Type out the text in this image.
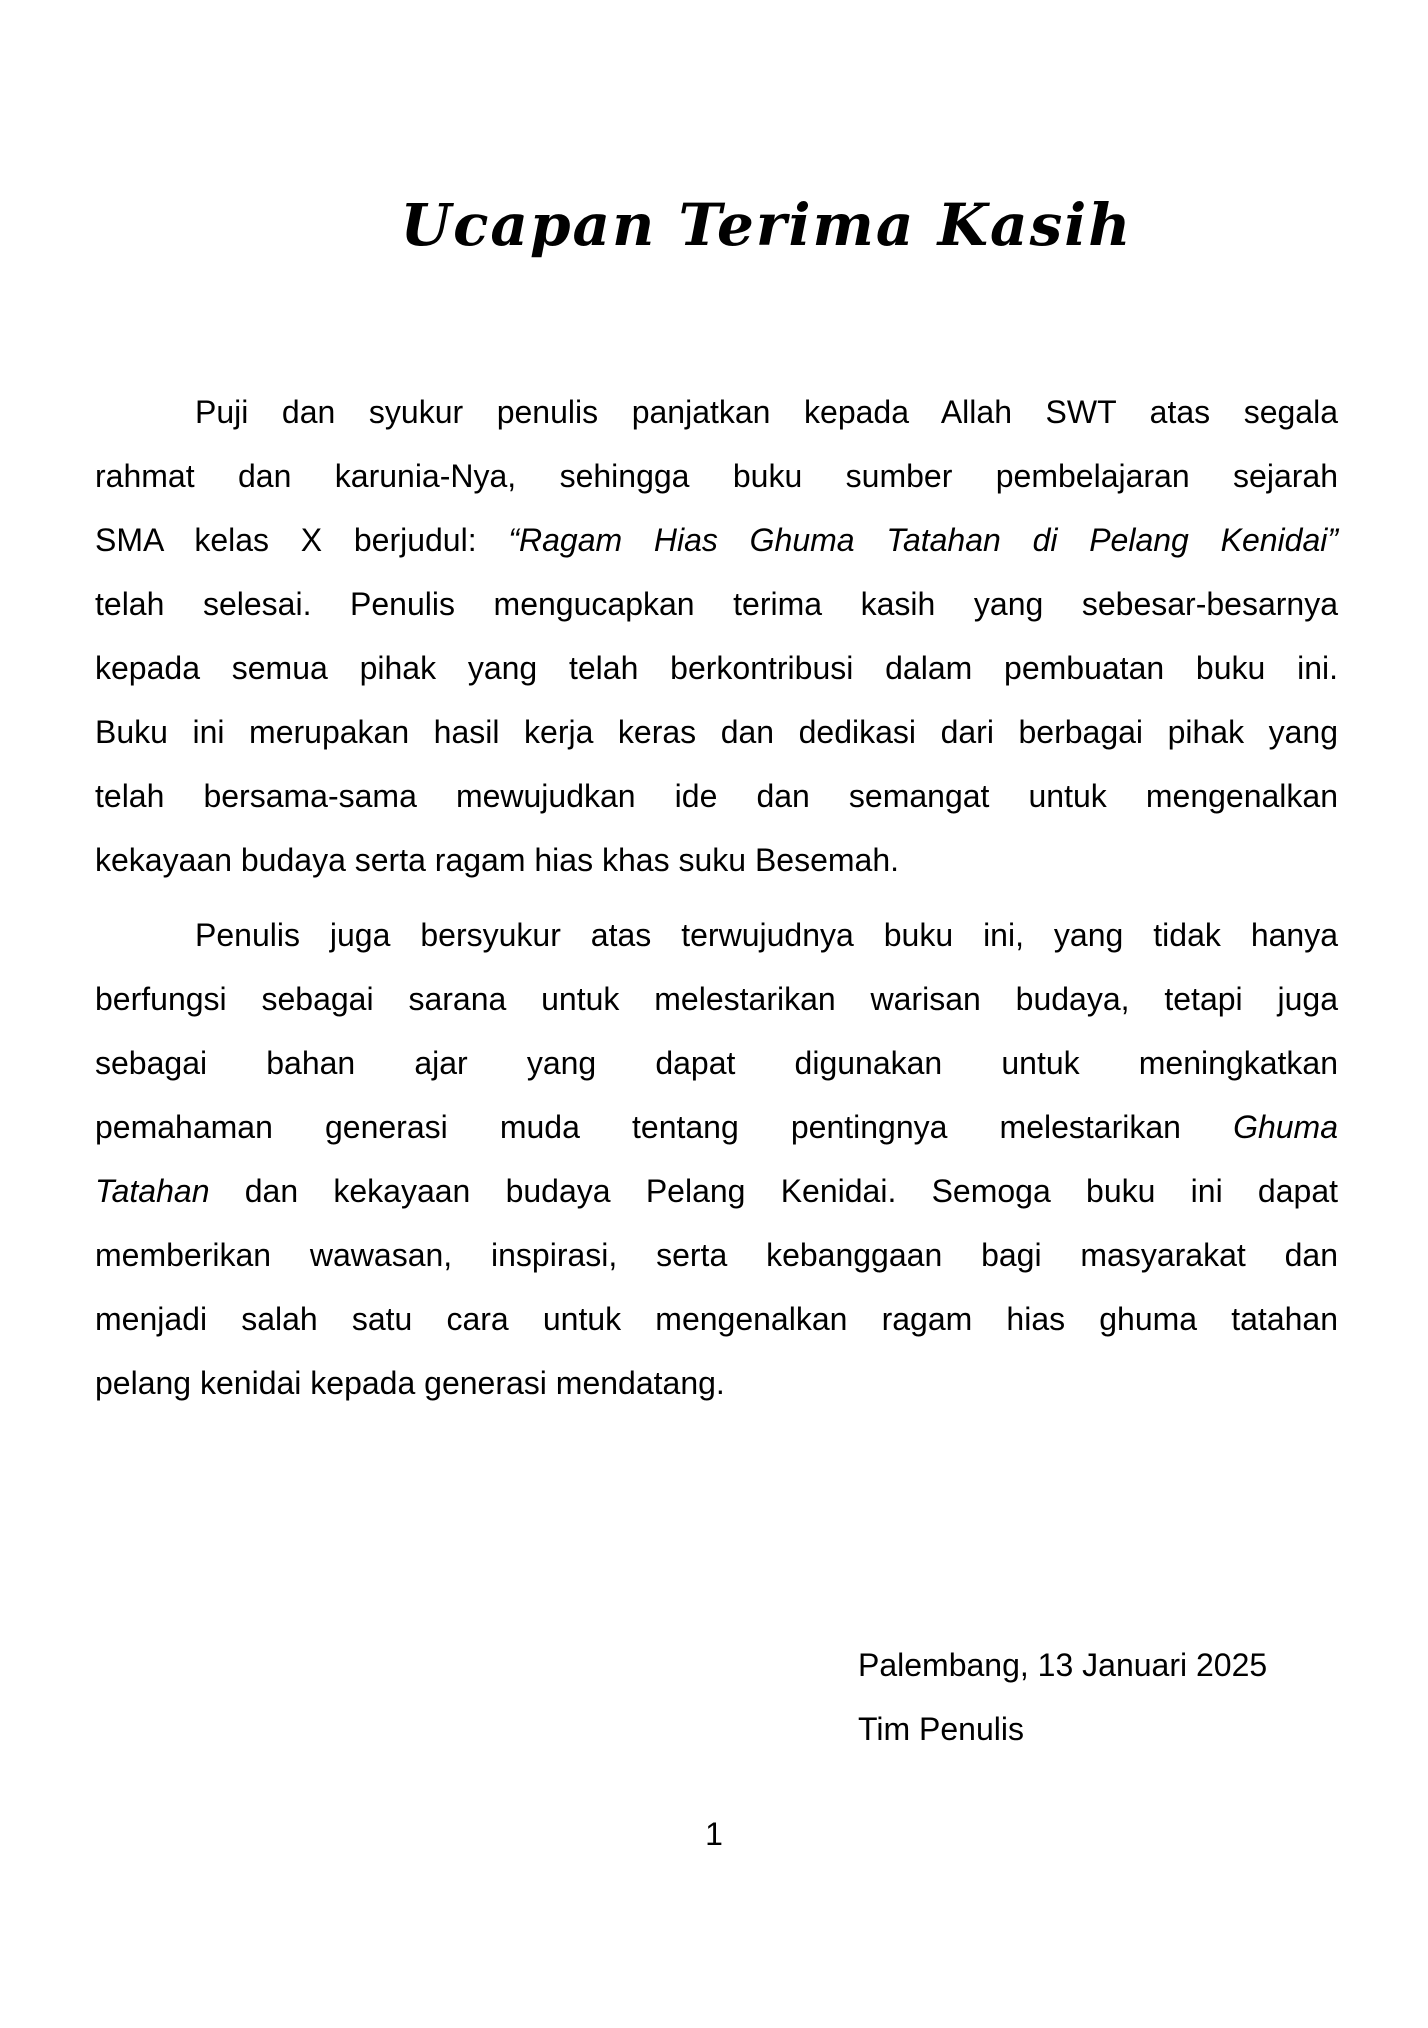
Ucapan Terima Kasih
Puji dan syukur penulis panjatkan kepada Allah SWT atas segala
rahmat dan karunia-Nya, sehingga buku sumber pembelajaran sejarah
SMA kelas X berjudul: “Ragam Hias Ghuma Tatahan di Pelang Kenidai”
telah selesai. Penulis mengucapkan terima kasih yang sebesar-besarnya
kepada semua pihak yang telah berkontribusi dalam pembuatan buku ini.
Buku ini merupakan hasil kerja keras dan dedikasi dari berbagai pihak yang
telah bersama-sama mewujudkan ide dan semangat untuk mengenalkan
kekayaan budaya serta ragam hias khas suku Besemah.
Penulis juga bersyukur atas terwujudnya buku ini, yang tidak hanya
berfungsi sebagai sarana untuk melestarikan warisan budaya, tetapi juga
sebagai bahan ajar yang dapat digunakan untuk meningkatkan
pemahaman generasi muda tentang pentingnya melestarikan Ghuma
Tatahan dan kekayaan budaya Pelang Kenidai. Semoga buku ini dapat
memberikan wawasan, inspirasi, serta kebanggaan bagi masyarakat dan
menjadi salah satu cara untuk mengenalkan ragam hias ghuma tatahan
pelang kenidai kepada generasi mendatang.
Palembang, 13 Januari 2025
Tim Penulis
1
